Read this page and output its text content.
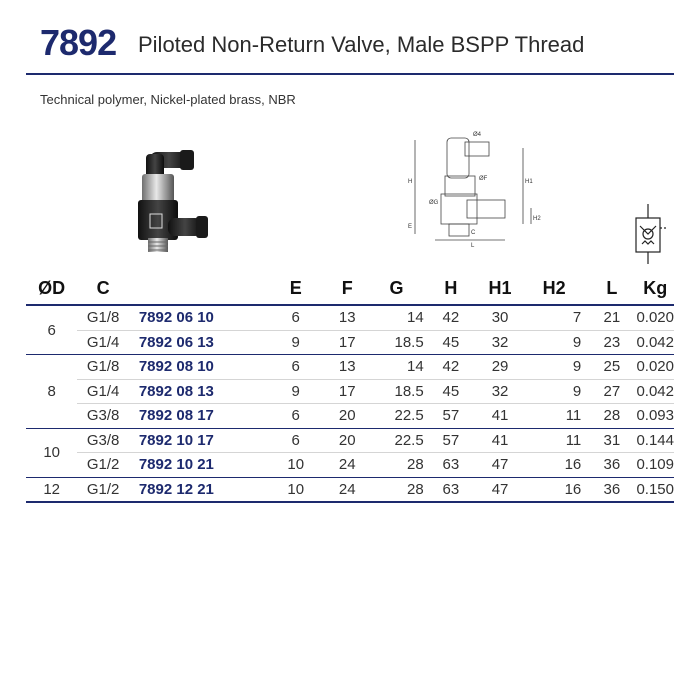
7892 Piloted Non-Return Valve, Male BSPP Thread
Technical polymer, Nickel-plated brass, NBR
Ø4
H	ØF	H1
ØG
E
C
H2
L
ØD	C		E	F	G	H	H1	H2	L	Kg
6	G1/8	7892 06 10	6	13	14	42	30	7	21	0.020
	G1/4	7892 06 13	9	17	18.5	45	32	9	23	0.042
8	G1/8	7892 08 10	6	13	14	42	29	9	25	0.020
	G1/4	7892 08 13	9	17	18.5	45	32	9	27	0.042
	G3/8	7892 08 17	6	20	22.5	57	41	11	28	0.093
10	G3/8	7892 10 17	6	20	22.5	57	41	11	31	0.144
	G1/2	7892 10 21	10	24	28	63	47	16	36	0.109
12	G1/2	7892 12 21	10	24	28	63	47	16	36	0.150
